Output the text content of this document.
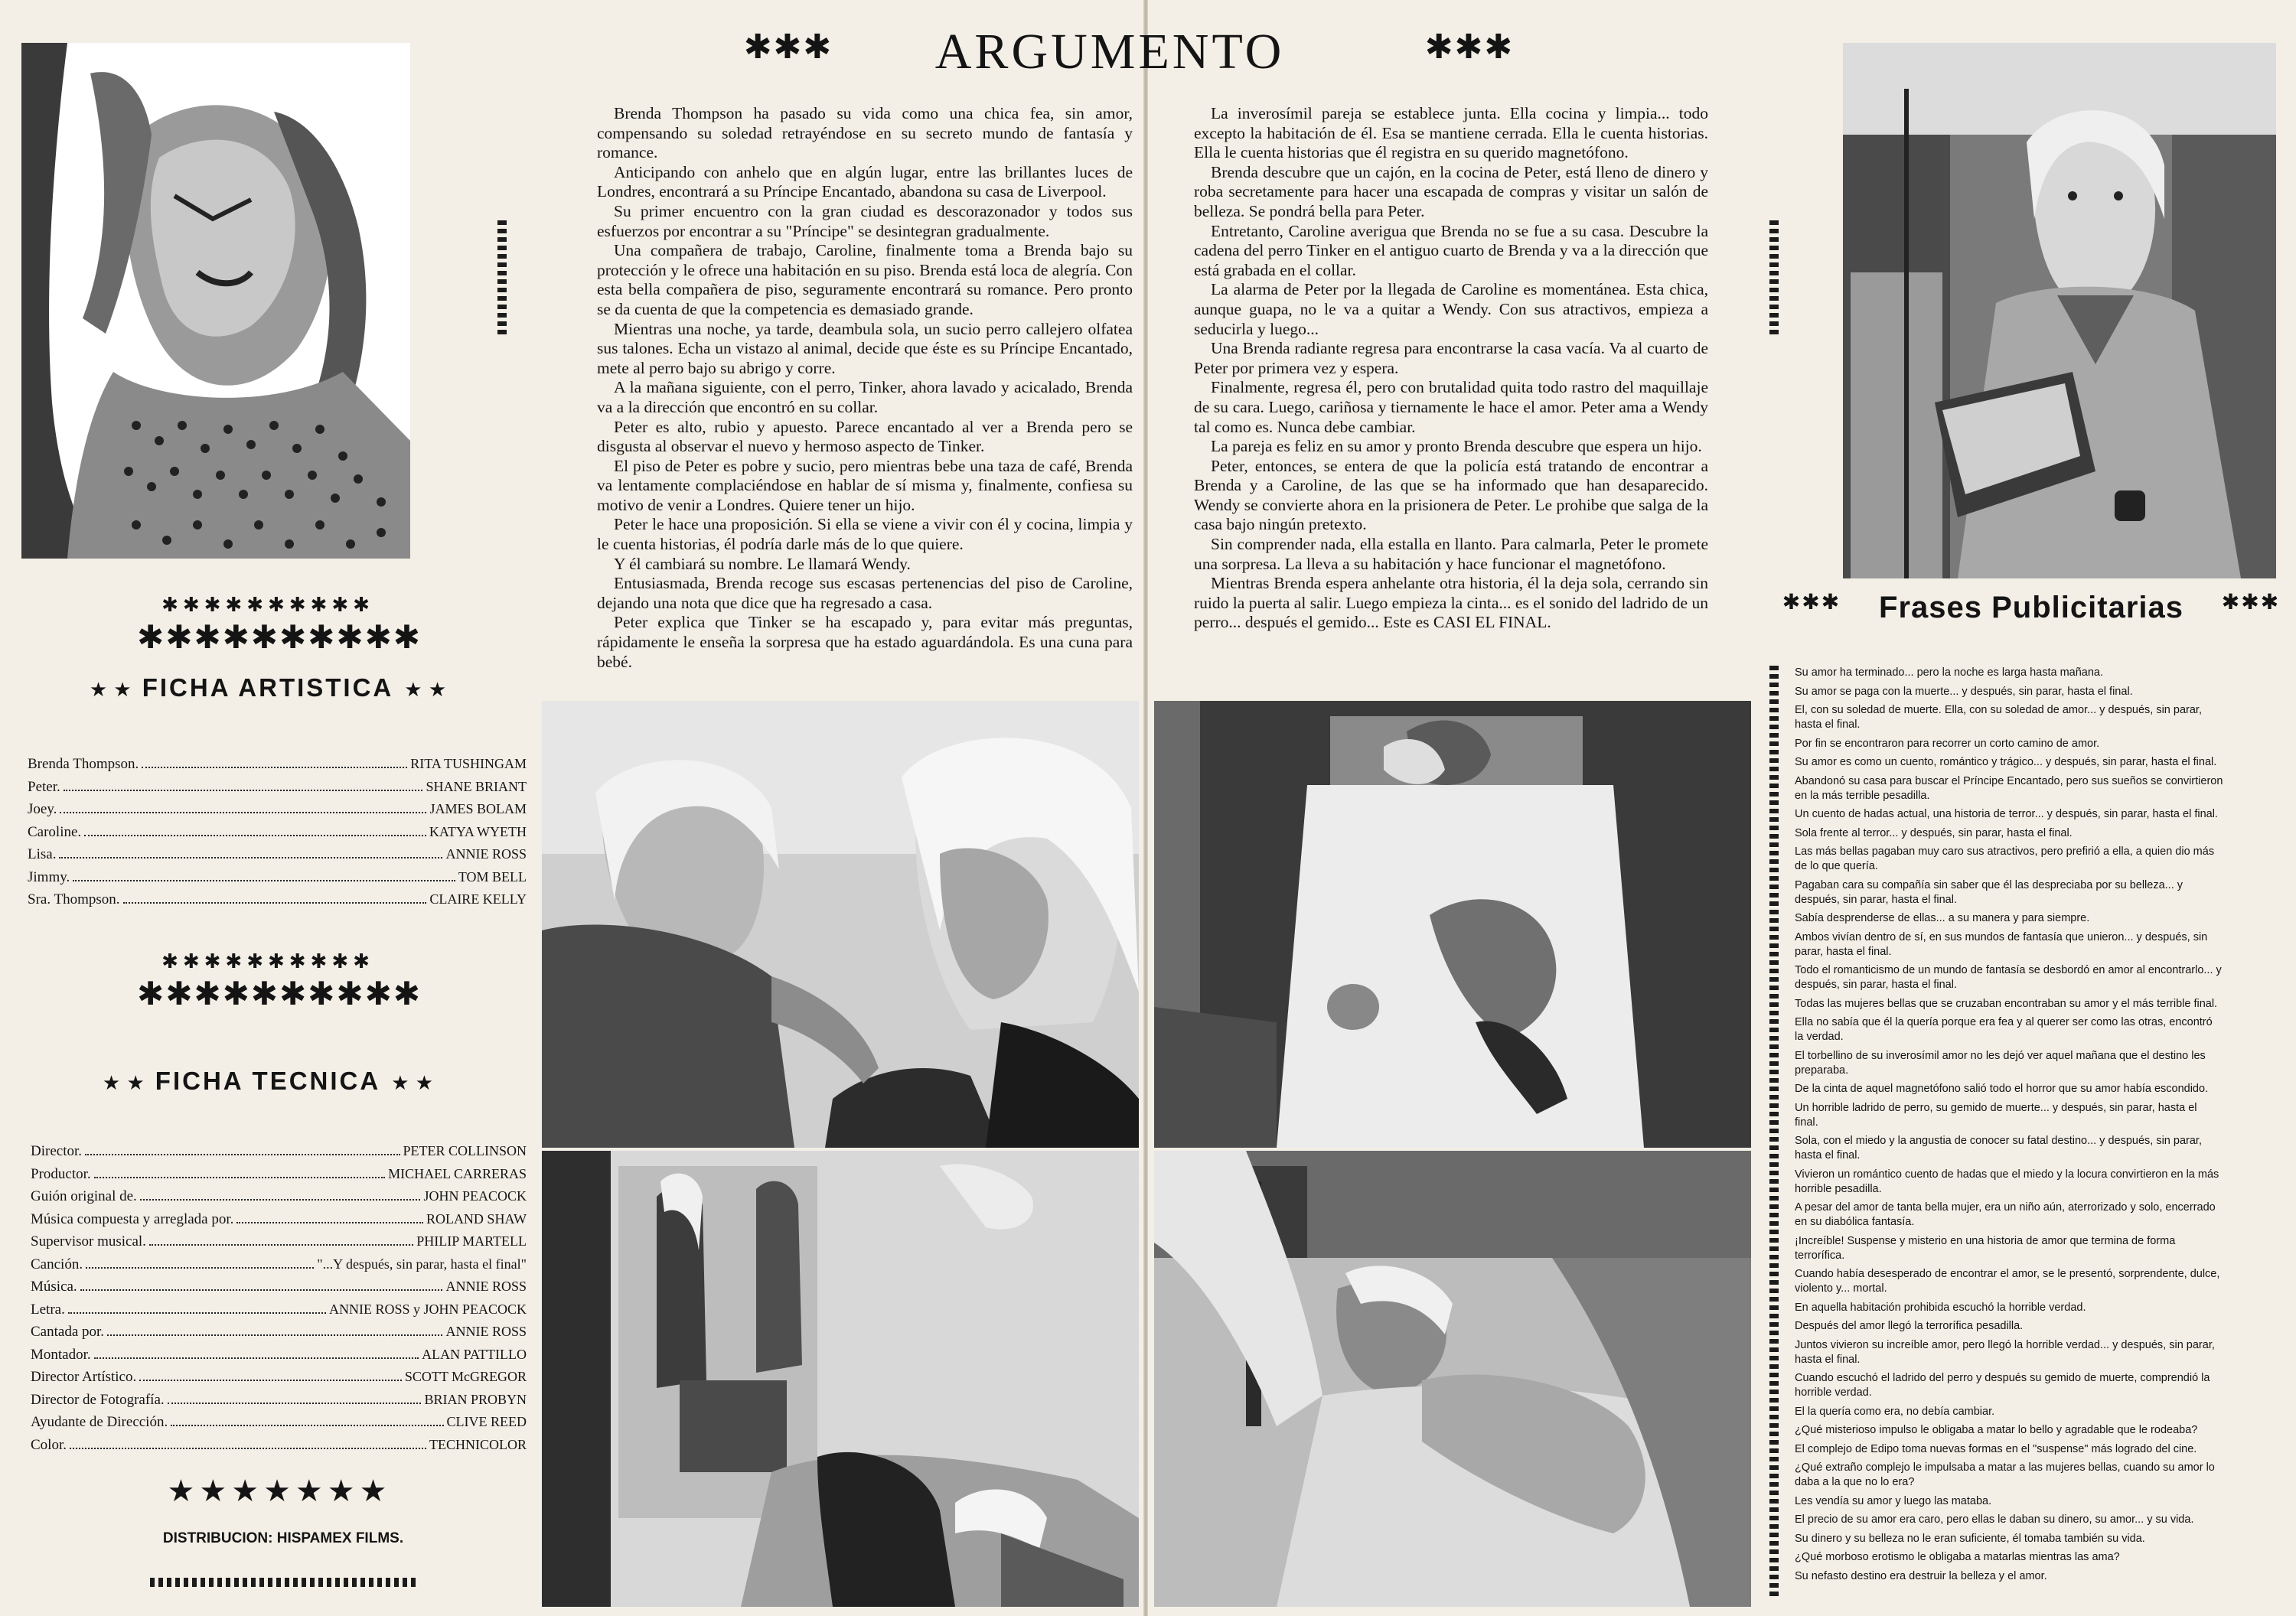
✱✱✱	ARGUMENTO	✱✱✱

Brenda Thompson ha pasado su vida como una chica fea, sin amor, compensando su soledad retrayéndose en su secreto mundo de fantasía y romance.

Anticipando con anhelo que en algún lugar, entre las brillantes luces de Londres, encontrará a su Príncipe Encantado, abandona su casa de Liverpool.

Su primer encuentro con la gran ciudad es descorazonador y todos sus esfuerzos por encontrar a su "Príncipe" se desintegran gradualmente.

Una compañera de trabajo, Caroline, finalmente toma a Brenda bajo su protección y le ofrece una habitación en su piso. Brenda está loca de alegría. Con esta bella compañera de piso, seguramente encontrará su romance. Pero pronto se da cuenta de que la competencia es demasiado grande.

Mientras una noche, ya tarde, deambula sola, un sucio perro callejero olfatea sus talones. Echa un vistazo al animal, decide que éste es su Príncipe Encantado, mete al perro bajo su abrigo y corre.

A la mañana siguiente, con el perro, Tinker, ahora lavado y acicalado, Brenda va a la dirección que encontró en su collar.

Peter es alto, rubio y apuesto. Parece encantado al ver a Brenda pero se disgusta al observar el nuevo y hermoso aspecto de Tinker.

El piso de Peter es pobre y sucio, pero mientras bebe una taza de café, Brenda va lentamente complaciéndose en hablar de sí misma y, finalmente, confiesa su motivo de venir a Londres. Quiere tener un hijo.

Peter le hace una proposición. Si ella se viene a vivir con él y cocina, limpia y le cuenta historias, él podría darle más de lo que quiere.

Y él cambiará su nombre. Le llamará Wendy.

Entusiasmada, Brenda recoge sus escasas pertenencias del piso de Caroline, dejando una nota que dice que ha regresado a casa.

Peter explica que Tinker se ha escapado y, para evitar más preguntas, rápidamente le enseña la sorpresa que ha estado aguardándola. Es una cuna para bebé.

La inverosímil pareja se establece junta. Ella cocina y limpia... todo excepto la habitación de él. Esa se mantiene cerrada. Ella le cuenta historias. Ella le cuenta historias que él registra en su querido magnetófono.

Brenda descubre que un cajón, en la cocina de Peter, está lleno de dinero y roba secretamente para hacer una escapada de compras y visitar un salón de belleza. Se pondrá bella para Peter.

Entretanto, Caroline averigua que Brenda no se fue a su casa. Descubre la cadena del perro Tinker en el antiguo cuarto de Brenda y va a la dirección que está grabada en el collar.

La alarma de Peter por la llegada de Caroline es momentánea. Esta chica, aunque guapa, no le va a quitar a Wendy. Con sus atractivos, empieza a seducirla y luego...

Una Brenda radiante regresa para encontrarse la casa vacía. Va al cuarto de Peter por primera vez y espera.

Finalmente, regresa él, pero con brutalidad quita todo rastro del maquillaje de su cara. Luego, cariñosa y tiernamente le hace el amor. Peter ama a Wendy tal como es. Nunca debe cambiar.

La pareja es feliz en su amor y pronto Brenda descubre que espera un hijo.

Peter, entonces, se entera de que la policía está tratando de encontrar a Brenda y a Caroline, de las que se ha informado que han desaparecido. Wendy se convierte ahora en la prisionera de Peter. Le prohibe que salga de la casa bajo ningún pretexto.

Sin comprender nada, ella estalla en llanto. Para calmarla, Peter le promete una sorpresa. La lleva a su habitación y hace funcionar el magnetófono.

Mientras Brenda espera anhelante otra historia, él la deja sola, cerrando sin ruido la puerta al salir. Luego empieza la cinta... es el sonido del ladrido de un perro... después el gemido... Este es CASI EL FINAL.

✱✱✱	Frases Publicitarias	✱✱✱

Su amor ha terminado... pero la noche es larga hasta mañana.

Su amor se paga con la muerte... y después, sin parar, hasta el final.

El, con su soledad de muerte. Ella, con su soledad de amor... y después, sin parar, hasta el final.

Por fin se encontraron para recorrer un corto camino de amor.

Su amor es como un cuento, romántico y trágico... y después, sin parar, hasta el final.

Abandonó su casa para buscar el Príncipe Encantado, pero sus sueños se convirtieron en la más terrible pesadilla.

Un cuento de hadas actual, una historia de terror... y después, sin parar, hasta el final.

Sola frente al terror... y después, sin parar, hasta el final.

Las más bellas pagaban muy caro sus atractivos, pero prefirió a ella, a quien dio más de lo que quería.

Pagaban cara su compañía sin saber que él las despreciaba por su belleza... y después, sin parar, hasta el final.

Sabía desprenderse de ellas... a su manera y para siempre.

Ambos vivían dentro de sí, en sus mundos de fantasía que unieron... y después, sin parar, hasta el final.

Todo el romanticismo de un mundo de fantasía se desbordó en amor al encontrarlo... y después, sin parar, hasta el final.

Todas las mujeres bellas que se cruzaban encontraban su amor y el más terrible final.

Ella no sabía que él la quería porque era fea y al querer ser como las otras, encontró la verdad.

El torbellino de su inverosímil amor no les dejó ver aquel mañana que el destino les preparaba.

De la cinta de aquel magnetófono salió todo el horror que su amor había escondido.

Un horrible ladrido de perro, su gemido de muerte... y después, sin parar, hasta el final.

Sola, con el miedo y la angustia de conocer su fatal destino... y después, sin parar, hasta el final.

Vivieron un romántico cuento de hadas que el miedo y la locura convirtieron en la más horrible pesadilla.

A pesar del amor de tanta bella mujer, era un niño aún, aterrorizado y solo, encerrado en su diabólica fantasía.

¡Increíble! Suspense y misterio en una historia de amor que termina de forma terrorífica.

Cuando había desesperado de encontrar el amor, se le presentó, sorprendente, dulce, violento y... mortal.

En aquella habitación prohibida escuchó la horrible verdad.

Después del amor llegó la terrorífica pesadilla.

Juntos vivieron su increíble amor, pero llegó la horrible verdad... y después, sin parar, hasta el final.

Cuando escuchó el ladrido del perro y después su gemido de muerte, comprendió la horrible verdad.

El la quería como era, no debía cambiar.

¿Qué misterioso impulso le obligaba a matar lo bello y agradable que le rodeaba?

El complejo de Edipo toma nuevas formas en el "suspense" más logrado del cine.

¿Qué extraño complejo le impulsaba a matar a las mujeres bellas, cuando su amor lo daba a la que no lo era?

Les vendía su amor y luego las mataba.

El precio de su amor era caro, pero ellas le daban su dinero, su amor... y su vida.

Su dinero y su belleza no le eran suficiente, él tomaba también su vida.

¿Qué morboso erotismo le obligaba a matarlas mientras las ama?

Su nefasto destino era destruir la belleza y el amor.

✱✱✱✱✱✱✱✱✱✱
✱✱✱✱✱✱✱✱✱✱
★ ★ FICHA ARTISTICA ★ ★
Brenda Thompson.	RITA TUSHINGAM
Peter.	SHANE BRIANT
Joey.	JAMES BOLAM
Caroline.	KATYA WYETH
Lisa.	ANNIE ROSS
Jimmy.	TOM BELL
Sra. Thompson.	CLAIRE KELLY
✱✱✱✱✱✱✱✱✱✱
✱✱✱✱✱✱✱✱✱✱
★ ★ FICHA TECNICA ★ ★
Director.	PETER COLLINSON
Productor.	MICHAEL CARRERAS
Guión original de.	JOHN PEACOCK
Música compuesta y arreglada por.	ROLAND SHAW
Supervisor musical.	PHILIP MARTELL
Canción.	"...Y después, sin parar, hasta el final"
Música.	ANNIE ROSS
Letra.	ANNIE ROSS y JOHN PEACOCK
Cantada por.	ANNIE ROSS
Montador.	ALAN PATTILLO
Director Artístico.	SCOTT McGREGOR
Director de Fotografía.	BRIAN PROBYN
Ayudante de Dirección.	CLIVE REED
Color.	TECHNICOLOR
★★★★★★★
DISTRIBUCION: HISPAMEX FILMS.
